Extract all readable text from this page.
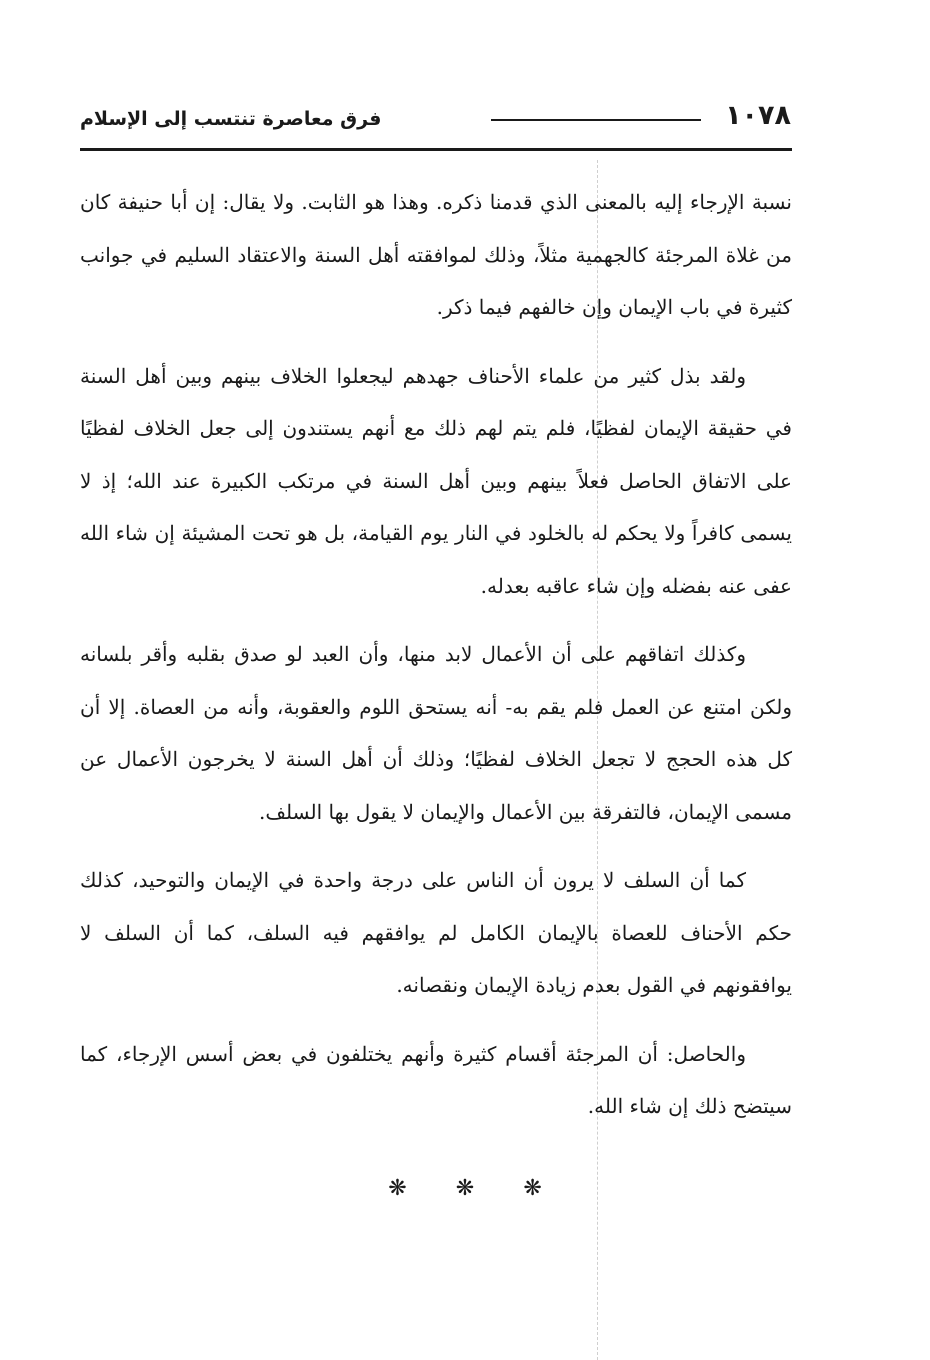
١٠٧٨
فرق معاصرة تنتسب إلى الإسلام

نسبة الإرجاء إليه بالمعنى الذي قدمنا ذكره. وهذا هو الثابت. ولا يقال: إن أبا حنيفة كان من غلاة المرجئة كالجهمية مثلاً، وذلك لموافقته أهل السنة والاعتقاد السليم في جوانب كثيرة في باب الإيمان وإن خالفهم فيما ذكر.

ولقد بذل كثير من علماء الأحناف جهدهم ليجعلوا الخلاف بينهم وبين أهل السنة في حقيقة الإيمان لفظيًا، فلم يتم لهم ذلك مع أنهم يستندون إلى جعل الخلاف لفظيًا على الاتفاق الحاصل فعلاً بينهم وبين أهل السنة في مرتكب الكبيرة عند الله؛ إذ لا يسمى كافراً ولا يحكم له بالخلود في النار يوم القيامة، بل هو تحت المشيئة إن شاء الله عفى عنه بفضله وإن شاء عاقبه بعدله.

وكذلك اتفاقهم على أن الأعمال لابد منها، وأن العبد لو صدق بقلبه وأقر بلسانه ولكن امتنع عن العمل فلم يقم به- أنه يستحق اللوم والعقوبة، وأنه من العصاة. إلا أن كل هذه الحجج لا تجعل الخلاف لفظيًا؛ وذلك أن أهل السنة لا يخرجون الأعمال عن مسمى الإيمان، فالتفرقة بين الأعمال والإيمان لا يقول بها السلف.

كما أن السلف لا يرون أن الناس على درجة واحدة في الإيمان والتوحيد، كذلك حكم الأحناف للعصاة بالإيمان الكامل لم يوافقهم فيه السلف، كما أن السلف لا يوافقونهم في القول بعدم زيادة الإيمان ونقصانه.

والحاصل: أن المرجئة أقسام كثيرة وأنهم يختلفون في بعض أسس الإرجاء، كما سيتضح ذلك إن شاء الله.

❋ ❋ ❋
